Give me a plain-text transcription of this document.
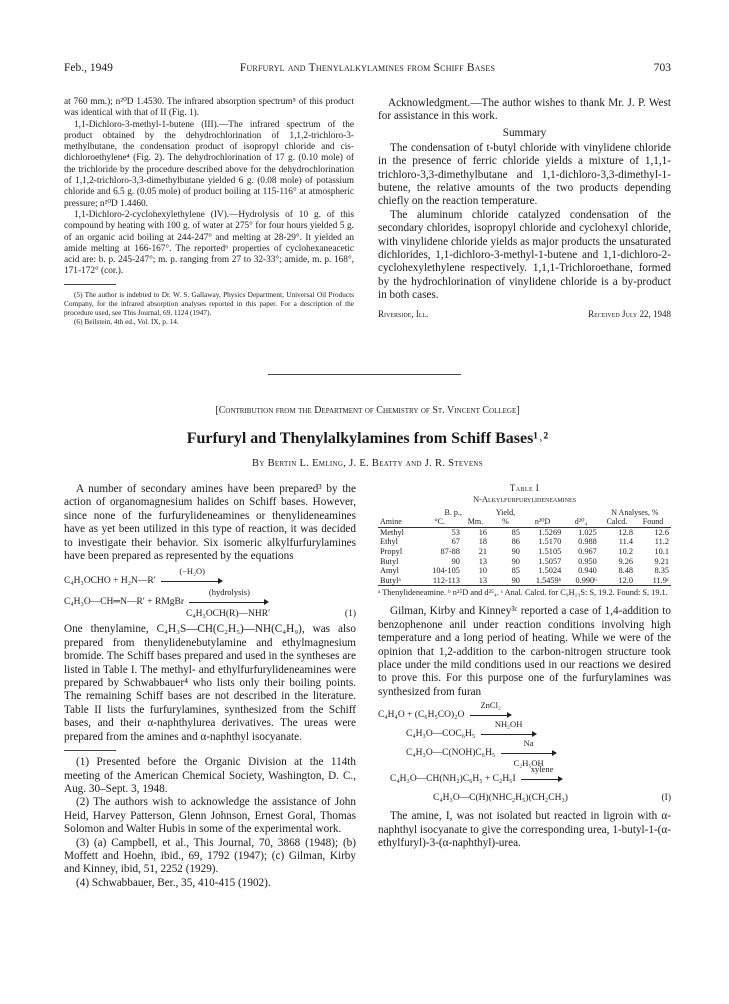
Feb., 1949	Furfuryl and Thenylalkylamines from Schiff Bases	703

at 760 mm.); n²⁰D 1.4530. The infrared absorption spectrum⁵ of this product was identical with that of II (Fig. 1).

1,1-Dichloro-3-methyl-1-butene (III).—The infrared spectrum of the product obtained by the dehydrochlorination of 1,1,2-trichloro-3-methylbutane, the condensation product of isopropyl chloride and cis-dichloroethylene⁴ (Fig. 2). The dehydrochlorination of 17 g. (0.10 mole) of the trichloride by the procedure described above for the dehydrochlorination of 1,1,2-trichloro-3,3-dimethylbutane yielded 6 g. (0.08 mole) of potassium chloride and 6.5 g. (0.05 mole) of product boiling at 115-116° at atmospheric pressure; n²⁰D 1.4460.

1,1-Dichloro-2-cyclohexylethylene (IV).—Hydrolysis of 10 g. of this compound by heating with 100 g. of water at 275° for four hours yielded 5 g. of an organic acid boiling at 244-247° and melting at 28-29°. It yielded an amide melting at 166-167°. The reported⁶ properties of cyclohexaneacetic acid are: b. p. 245-247°; m. p. ranging from 27 to 32-33°; amide, m. p. 168°, 171-172° (cor.).

(5) The author is indebted to Dr. W. S. Gallaway, Physics Department, Universal Oil Products Company, for the infrared absorption analyses reported in this paper. For a description of the procedure used, see This Journal, 69, 1124 (1947).

(6) Beilstein, 4th ed., Vol. IX, p. 14.

Acknowledgment.—The author wishes to thank Mr. J. P. West for assistance in this work.

Summary

The condensation of t-butyl chloride with vinylidene chloride in the presence of ferric chloride yields a mixture of 1,1,1-trichloro-3,3-dimethylbutane and 1,1-dichloro-3,3-dimethyl-1-butene, the relative amounts of the two products depending chiefly on the reaction temperature.

The aluminum chloride catalyzed condensation of the secondary chlorides, isopropyl chloride and cyclohexyl chloride, with vinylidene chloride yields as major products the unsaturated dichlorides, 1,1-dichloro-3-methyl-1-butene and 1,1-dichloro-2-cyclohexylethylene respectively. 1,1,1-Trichloroethane, formed by the hydrochlorination of vinylidene chloride is a by-product in both cases.

Riverside, Ill.	Received July 22, 1948
[Contribution from the Department of Chemistry of St. Vincent College]
Furfuryl and Thenylalkylamines from Schiff Bases¹˒²
By Bertin L. Emling, J. E. Beatty and J. R. Stevens

A number of secondary amines have been prepared³ by the action of organomagnesium halides on Schiff bases. However, since none of the furfurylideneamines or thenylideneamines have as yet been utilized in this type of reaction, it was decided to investigate their behavior. Six isomeric alkylfurfurylamines have been prepared as represented by the equations

C₄H₃OCHO + H₂N—R′
(−H₂O)
C₄H₃O—CH═N—R′ + RMgBr
(hydrolysis)
C₄H₃OCH(R)—NHR′	(1)

One thenylamine, C₄H₃S—CH(C₂H₅)—NH(C₄H₉), was also prepared from thenylidenebutylamine and ethylmagnesium bromide. The Schiff bases prepared and used in the syntheses are listed in Table I. The methyl- and ethylfurfurylideneamines were prepared by Schwabbauer⁴ who lists only their boiling points. The remaining Schiff bases are not described in the literature. Table II lists the furfurylamines, synthesized from the Schiff bases, and their α-naphthylurea derivatives. The ureas were prepared from the amines and α-naphthyl isocyanate.

(1) Presented before the Organic Division at the 114th meeting of the American Chemical Society, Washington, D. C., Aug. 30–Sept. 3, 1948.

(2) The authors wish to acknowledge the assistance of John Heid, Harvey Patterson, Glenn Johnson, Ernest Goral, Thomas Solomon and Walter Hubis in some of the experimental work.

(3) (a) Campbell, et al., This Journal, 70, 3868 (1948); (b) Moffett and Hoehn, ibid., 69, 1792 (1947); (c) Gilman, Kirby and Kinney, ibid, 51, 2252 (1929).

(4) Schwabbauer, Ber., 35, 410-415 (1902).

Table I
N-Alkylfurfurylideneamines
	B. p.,		Yield,			N Analyses, %	
Amine	°C.	Mm.	%	n²⁰D	d²⁰₄	Calcd.	Found
Methyl	53	16	85	1.5269	1.025	12.8	12.6
Ethyl	67	18	86	1.5170	0.988	11.4	11.2
Propyl	87-88	21	90	1.5105	0.967	10.2	10.1
Butyl	90	13	90	1.5057	0.950	9.26	9.21
Amyl	104-105	10	85	1.5024	0.940	8.48	8.35
Butylᵃ	112-113	13	90	1.5459ᵇ	0.990ᵇ	12.0	11.9ᶜ
ᵃ Thenylideneamine. ᵇ n²⁵D and d²⁵₄. ᶜ Anal. Calcd. for C₉H₁₃S: S, 19.2. Found: S, 19.1.

Gilman, Kirby and Kinney³ᶜ reported a case of 1,4-addition to benzophenone anil under reaction conditions involving high temperature and a long period of heating. While we were of the opinion that 1,2-addition to the carbon-nitrogen structure took place under the mild conditions used in our reactions we desired to prove this. For this purpose one of the furfurylamines was synthesized from furan

C₄H₄O + (C₆H₅CO)₂O
ZnCl₂
C₄H₃O—COC₆H₅
NH₂OH
C₄H₃O—C(NOH)C₆H₅
Na
C₂H₅OH
C₄H₃O—CH(NH₂)C₆H₅ + C₂H₅I
xylene
C₄H₃O—C(H)(NHC₂H₅)(CH₂CH₃)	(I)

The amine, I, was not isolated but reacted in ligroin with α-naphthyl isocyanate to give the corresponding urea, 1-butyl-1-(α-ethylfuryl)-3-(α-naphthyl)-urea.
